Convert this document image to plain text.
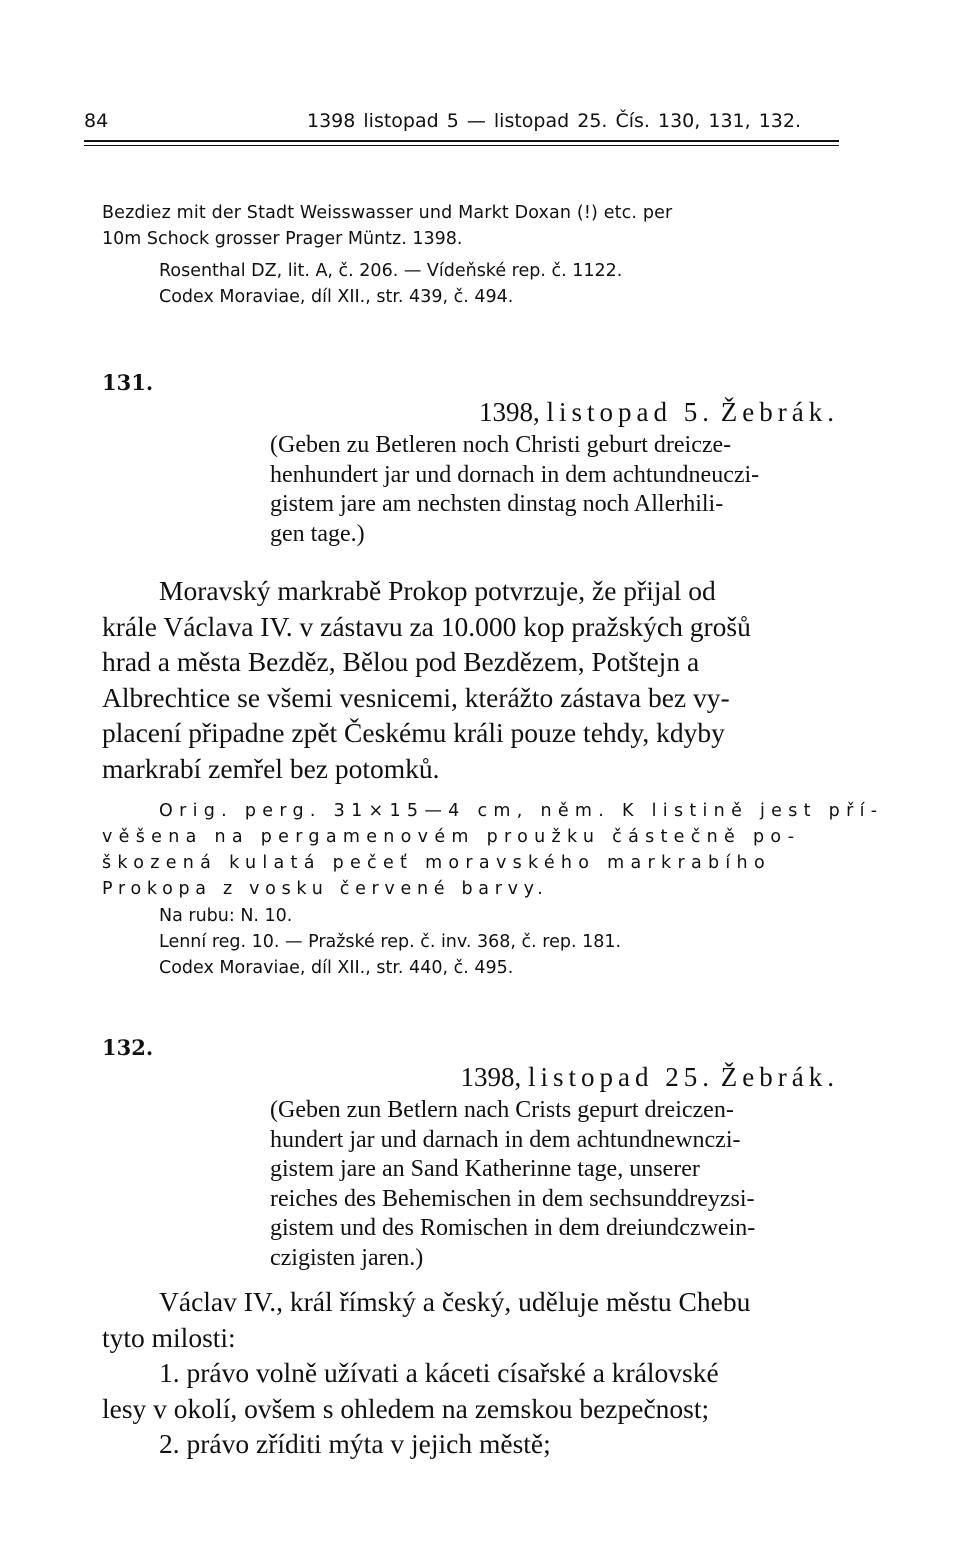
84	1398 listopad 5 — listopad 25. Čís. 130, 131, 132.
Bezdiez mit der Stadt Weisswasser und Markt Doxan (!) etc. per
10m Schock grosser Prager Müntz. 1398.
Rosenthal DZ, lit. A, č. 206. — Vídeňské rep. č. 1122.
Codex Moraviae, díl XII., str. 439, č. 494.
131.
1398, listopad 5. Žebrák.
(Geben zu Betleren noch Christi geburt dreicze-
henhundert jar und dornach in dem achtundneuczi-
gistem jare am nechsten dinstag noch Allerhili-
gen tage.)
Moravský markrabě Prokop potvrzuje, že přijal od
krále Václava IV. v zástavu za 10.000 kop pražských grošů
hrad a města Bezděz, Bělou pod Bezdězem, Potštejn a
Albrechtice se všemi vesnicemi, kterážto zástava bez vy-
placení připadne zpět Českému králi pouze tehdy, kdyby
markrabí zemřel bez potomků.
Orig. perg. 31×15—4 cm, něm. K listině jest pří-
věšena na pergamenovém proužku částečně po-
škozená kulatá pečeť moravského markrabího
Prokopa z vosku červené barvy.
Na rubu: N. 10.
Lenní reg. 10. — Pražské rep. č. inv. 368, č. rep. 181.
Codex Moraviae, díl XII., str. 440, č. 495.
132.
1398, listopad 25. Žebrák.
(Geben zun Betlern nach Crists gepurt dreiczen-
hundert jar und darnach in dem achtundnewnczi-
gistem jare an Sand Katherinne tage, unserer
reiches des Behemischen in dem sechsunddreyzsi-
gistem und des Romischen in dem dreiundczwein-
czigisten jaren.)
Václav IV., král římský a český, uděluje městu Chebu
tyto milosti:
1. právo volně užívati a káceti císařské a královské
lesy v okolí, ovšem s ohledem na zemskou bezpečnost;
2. právo zříditi mýta v jejich městě;
